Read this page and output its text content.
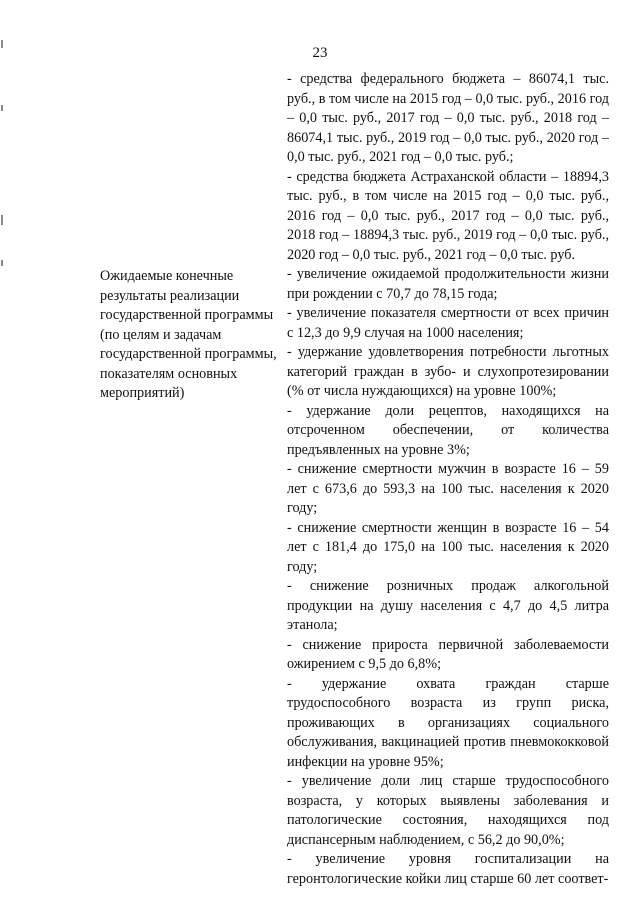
23
Ожидаемые конечные результаты реализации государственной программы (по целям и задачам государственной программы, показателям основных мероприятий)

- средства федерального бюджета – 86074,1 тыс. руб., в том числе на 2015 год – 0,0 тыс. руб., 2016 год – 0,0 тыс. руб., 2017 год – 0,0 тыс. руб., 2018 год – 86074,1 тыс. руб., 2019 год – 0,0 тыс. руб., 2020 год – 0,0 тыс. руб., 2021 год – 0,0 тыс. руб.;

- средства бюджета Астраханской области – 18894,3 тыс. руб., в том числе на 2015 год – 0,0 тыс. руб., 2016 год – 0,0 тыс. руб., 2017 год – 0,0 тыс. руб., 2018 год – 18894,3 тыс. руб., 2019 год – 0,0 тыс. руб., 2020 год – 0,0 тыс. руб., 2021 год – 0,0 тыс. руб.

- увеличение ожидаемой продолжительности жизни при рождении с 70,7 до 78,15 года;

- увеличение показателя смертности от всех причин с 12,3 до 9,9 случая на 1000 населения;

- удержание удовлетворения потребности льготных категорий граждан в зубо- и слухопротезировании (% от числа нуждающихся) на уровне 100%;

- удержание доли рецептов, находящихся на отсроченном обеспечении, от количества предъявленных на уровне 3%;

- снижение смертности мужчин в возрасте 16 – 59 лет с 673,6 до 593,3 на 100 тыс. населения к 2020 году;

- снижение смертности женщин в возрасте 16 – 54 лет с 181,4 до 175,0 на 100 тыс. населения к 2020 году;

- снижение розничных продаж алкогольной продукции на душу населения с 4,7 до 4,5 литра этанола;

- снижение прироста первичной заболеваемости ожирением с 9,5 до 6,8%;

- удержание охвата граждан старше трудоспособного возраста из групп риска, проживающих в организациях социального обслуживания, вакцинацией против пневмококковой инфекции на уровне 95%;

- увеличение доли лиц старше трудоспособного возраста, у которых выявлены заболевания и патологические состояния, находящихся под диспансерным наблюдением, с 56,2 до 90,0%;

- увеличение уровня госпитализации на геронтологические койки лиц старше 60 лет соответ-
